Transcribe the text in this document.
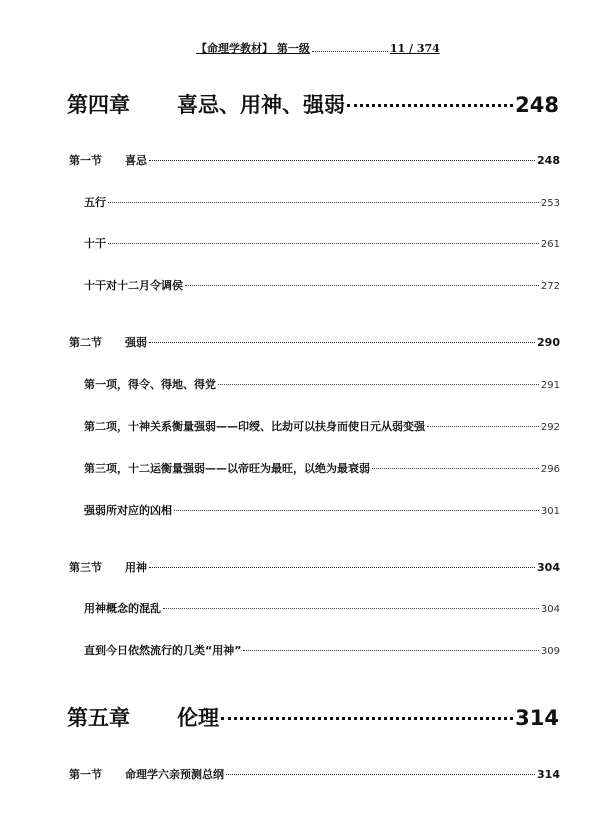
【命理学教材】 第一级	11
/
374
第四章 喜忌、用神、强弱	248
第一节 喜忌	248
五行	253
十干	261
十干对十二月令调侯	272
第二节 强弱	290
第一项，得令、得地、得党	291
第二项，十神关系衡量强弱——印绶、比劫可以扶身而使日元从弱变强	292
第三项，十二运衡量强弱——以帝旺为最旺，以绝为最衰弱	296
强弱所对应的凶相	301
第三节 用神	304
用神概念的混乱	304
直到今日依然流行的几类“用神”	309
第五章 伦理	314
第一节 命理学六亲预测总纲	314
